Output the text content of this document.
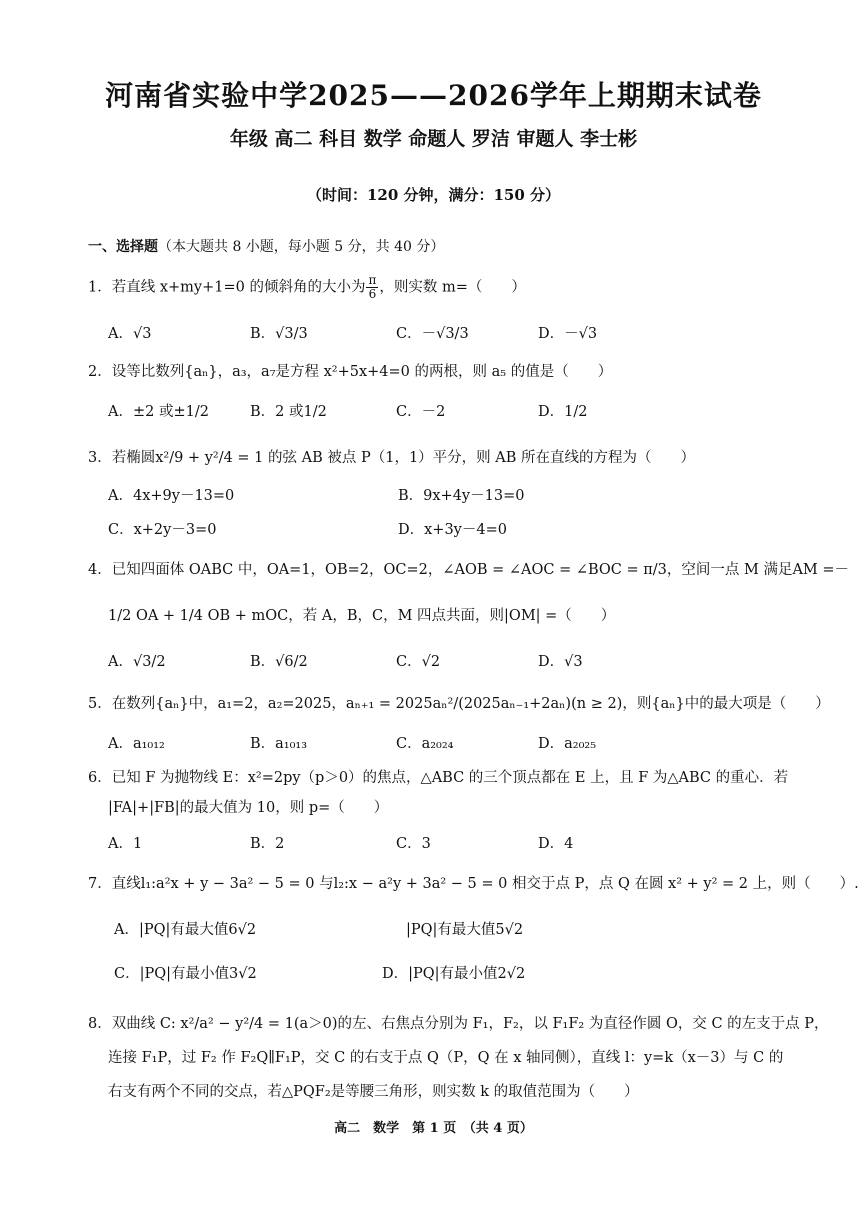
河南省实验中学2025——2026学年上期期末试卷
年级 高二 科目 数学 命题人 罗洁 审题人 李士彬
（时间：120 分钟，满分：150 分）
一、选择题（本大题共 8 小题，每小题 5 分，共 40 分）
1．若直线 x+my+1=0 的倾斜角的大小为 $\frac{\pi}{6}$ ，则实数 m=（　　）
A．√3	B．√3/3	C．－√3/3	D．－√3
2．设等比数列{aₙ}，a₃，a₇是方程 x²+5x+4=0 的两根，则 a₅ 的值是（　　）
A．±2 或±1/2	B．2 或1/2	C．－2	D．1/2
3．若椭圆x²/9 + y²/4 = 1 的弦 AB 被点 P（1，1）平分，则 AB 所在直线的方程为（　　）
A．4x+9y－13=0	B．9x+4y－13=0
C．x+2y－3=0	D．x+3y－4=0
4．已知四面体 OABC 中，OA=1，OB=2，OC=2，∠AOB = ∠AOC = ∠BOC = π/3，空间一点 M 满足AM =－
1/2 OA + 1/4 OB + mOC，若 A，B，C，M 四点共面，则|OM| =（　　）
A．√3/2	B．√6/2	C．√2	D．√3
5．在数列{aₙ}中，a₁=2，a₂=2025，aₙ₊₁ = 2025aₙ²/(2025aₙ₋₁+2aₙ)(n ≥ 2)，则{aₙ}中的最大项是（　　）
A．a₁₀₁₂	B．a₁₀₁₃	C．a₂₀₂₄	D．a₂₀₂₅
6．已知 F 为抛物线 E：x²=2py（p＞0）的焦点，△ABC 的三个顶点都在 E 上，且 F 为△ABC 的重心．若
|FA|+|FB|的最大值为 10，则 p=（　　）
A．1	B．2	C．3	D．4
7．直线l₁:a²x + y − 3a² − 5 = 0 与l₂:x − a²y + 3a² − 5 = 0 相交于点 P，点 Q 在圆 x² + y² = 2 上，则（　　）.
A．|PQ|有最大值6√2	|PQ|有最大值5√2
C．|PQ|有最小值3√2	D．|PQ|有最小值2√2
8．双曲线 C: x²/a² − y²/4 = 1(a＞0)的左、右焦点分别为 F₁，F₂，以 F₁F₂ 为直径作圆 O，交 C 的左支于点 P，
连接 F₁P，过 F₂ 作 F₂Q∥F₁P，交 C 的右支于点 Q（P，Q 在 x 轴同侧），直线 l：y=k（x－3）与 C 的
右支有两个不同的交点，若△PQF₂是等腰三角形，则实数 k 的取值范围为（　　）
高二　数学　第 1 页　（共 4 页）
